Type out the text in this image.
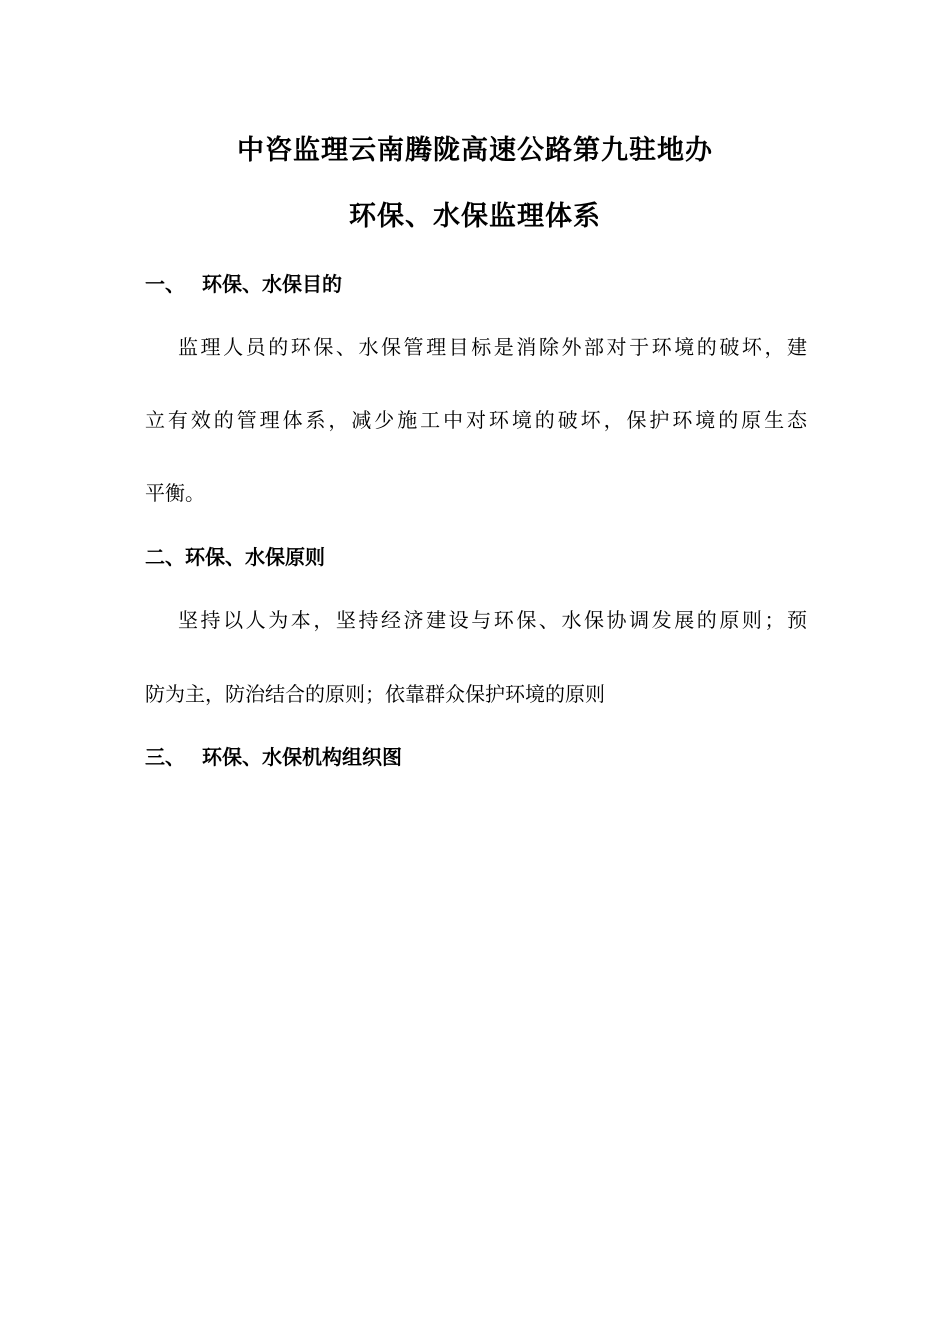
中咨监理云南腾陇高速公路第九驻地办
环保、水保监理体系
一、 环保、水保目的
监理人员的环保、水保管理目标是消除外部对于环境的破坏，建
立有效的管理体系，减少施工中对环境的破坏，保护环境的原生态
平衡。
二、环保、水保原则
坚持以人为本，坚持经济建设与环保、水保协调发展的原则；预
防为主，防治结合的原则；依靠群众保护环境的原则
三、 环保、水保机构组织图
